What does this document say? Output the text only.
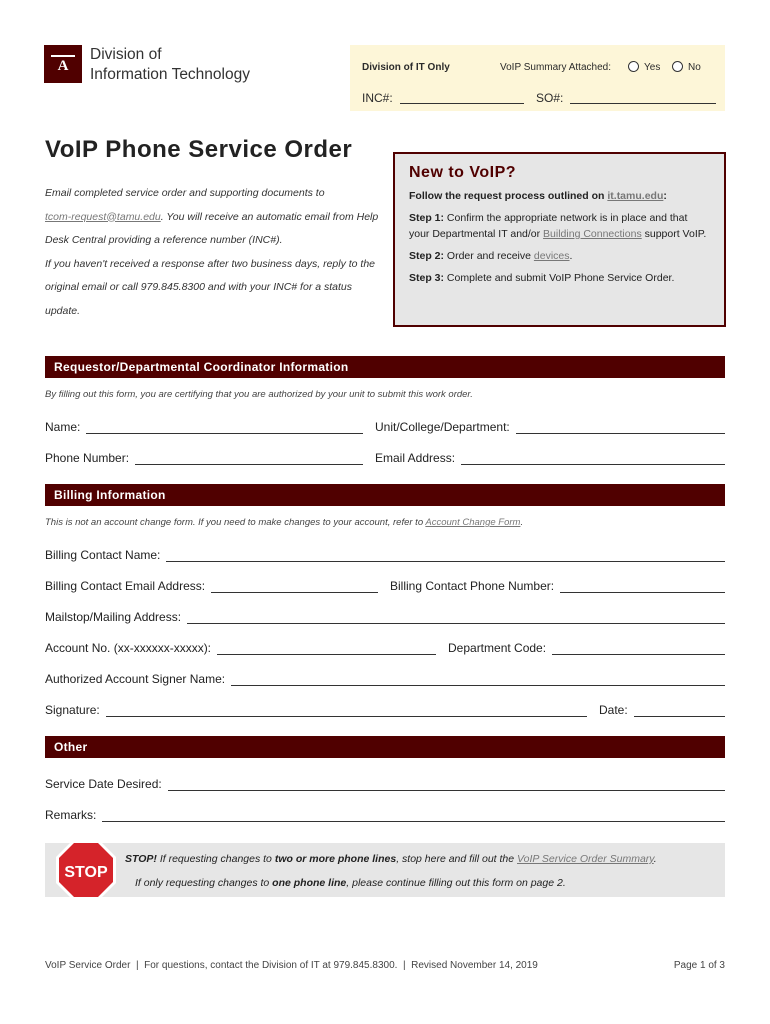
A
Division of
Information Technology	Division of IT Only	VoIP Summary Attached:	Yes	No
INC#:	SO#:
VoIP Phone Service Order
Email completed service order and supporting documents to
tcom-request@tamu.edu. You will receive an automatic email from Help Desk Central providing a reference number (INC#).
If you haven't received a response after two business days, reply to the original email or call 979.845.8300 and with your INC# for a status update.
New to VoIP?

Follow the request process outlined on it.tamu.edu:

Step 1: Confirm the appropriate network is in place and that your Departmental IT and/or Building Connections support VoIP.

Step 2: Order and receive devices.

Step 3: Complete and submit VoIP Phone Service Order.

Requestor/Departmental Coordinator Information
By filling out this form, you are certifying that you are authorized by your unit to submit this work order.
Name:	Unit/College/Department:
Phone Number:	Email Address:
Billing Information
This is not an account change form. If you need to make changes to your account, refer to Account Change Form.
Billing Contact Name:
Billing Contact Email Address:	Billing Contact Phone Number:
Mailstop/Mailing Address:
Account No. (xx-xxxxxx-xxxxx):	Department Code:
Authorized Account Signer Name:
Signature:	Date:
Other
Service Date Desired:
Remarks:
STOP
STOP! If requesting changes to two or more phone lines, stop here and fill out the VoIP Service Order Summary.
If only requesting changes to one phone line, please continue filling out this form on page 2.
VoIP Service Order  |  For questions, contact the Division of IT at 979.845.8300.  |  Revised November 14, 2019	Page 1 of 3
